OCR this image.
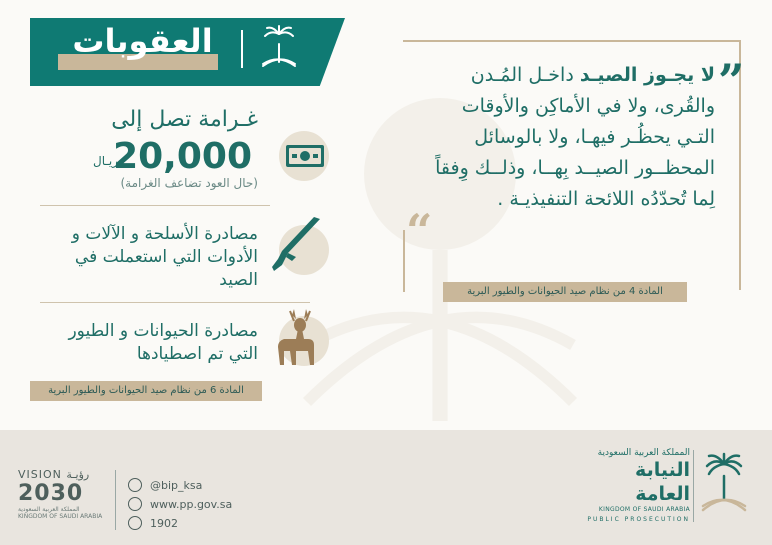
العقوبات
”
“
لا يجـوز الصيـد داخـل المُـدن والقُرى، ولا في الأماكِن والأوقات التـي يحظُـر فيهـا، ولا بالوسائل المحظــور الصيــد بِهــا، وذلــك وِفقاً لِما تُحدّدُه اللائحة التنفيذيـة .
المادة 4 من نظام صيد الحيوانات والطيور البرية
غـرامة تصل إلى
20,000
ريـال
(حال العود تضاعف الغرامة)
مصادرة الأسلحة و الآلات و الأدوات التي استعملت في الصيد
مصادرة الحيوانات و الطيور التي تم اصطيادها
المادة 6 من نظام صيد الحيوانات والطيور البرية
VISION رؤيـة
2030
المملكة العربية السعودية
KINGDOM OF SAUDI ARABIA
@bip_ksa
www.pp.gov.sa
1902
المملكة العربية السعودية
النيابة العامة
KINGDOM OF SAUDI ARABIA
PUBLIC PROSECUTION
